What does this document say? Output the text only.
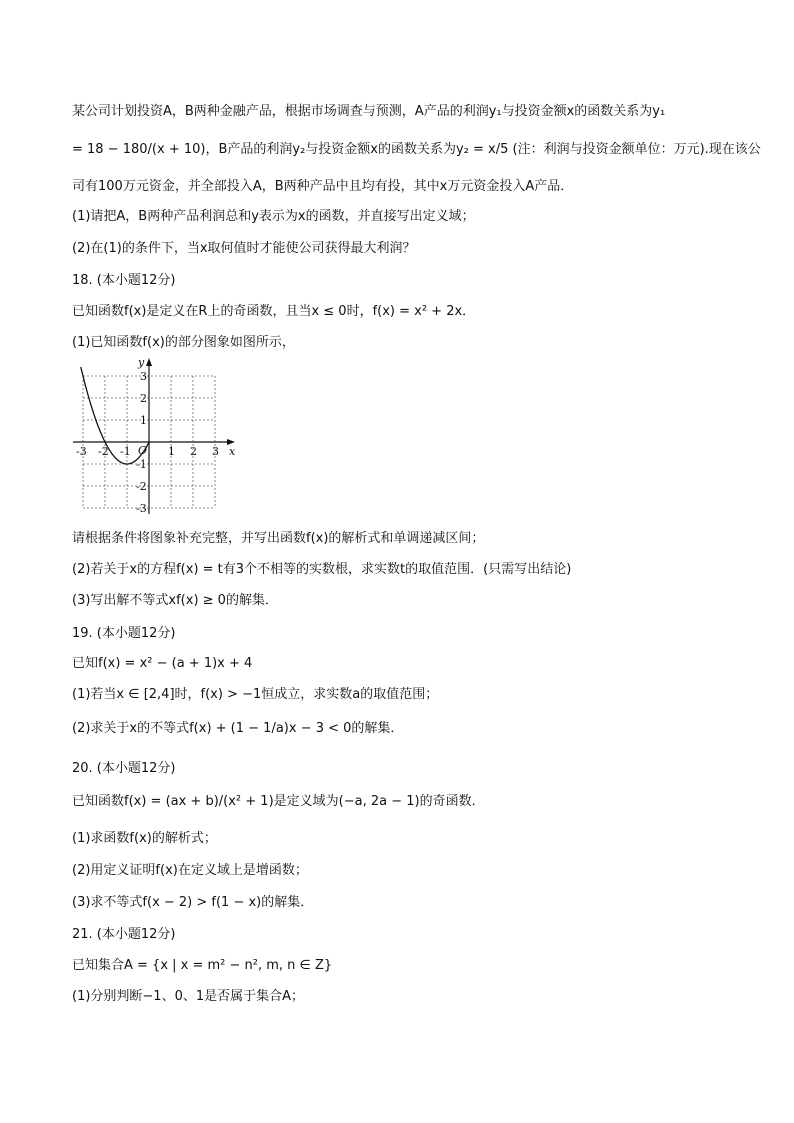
某公司计划投资A，B两种金融产品，根据市场调查与预测，A产品的利润y₁与投资金额x的函数关系为y₁
= 18 − 180/(x + 10)，B产品的利润y₂与投资金额x的函数关系为y₂ = x/5 (注：利润与投资金额单位：万元).现在该公
司有100万元资金，并全部投入A，B两种产品中且均有投，其中x万元资金投入A产品．
(1)请把A，B两种产品利润总和y表示为x的函数，并直接写出定义域；
(2)在(1)的条件下，当x取何值时才能使公司获得最大利润？
18. (本小题12分)
已知函数f(x)是定义在R上的奇函数，且当x ≤ 0时，f(x) = x² + 2x．
(1)已知函数f(x)的部分图象如图所示，
-3 -2 -1	1 2 3
3
2
1
-1
-2
-3
O	x
y
请根据条件将图象补充完整，并写出函数f(x)的解析式和单调递减区间；
(2)若关于x的方程f(x) = t有3个不相等的实数根，求实数t的取值范围．(只需写出结论)
(3)写出解不等式xf(x) ≥ 0的解集．
19. (本小题12分)
已知f(x) = x² − (a + 1)x + 4
(1)若当x ∈ [2,4]时，f(x) > −1恒成立，求实数a的取值范围；
(2)求关于x的不等式f(x) + (1 − 1/a)x − 3 < 0的解集．
20. (本小题12分)
已知函数f(x) = (ax + b)/(x² + 1)是定义域为(−a, 2a − 1)的奇函数．
(1)求函数f(x)的解析式；
(2)用定义证明f(x)在定义域上是增函数；
(3)求不等式f(x − 2) > f(1 − x)的解集．
21. (本小题12分)
已知集合A = {x | x = m² − n², m, n ∈ Z}
(1)分别判断−1、0、1是否属于集合A；
